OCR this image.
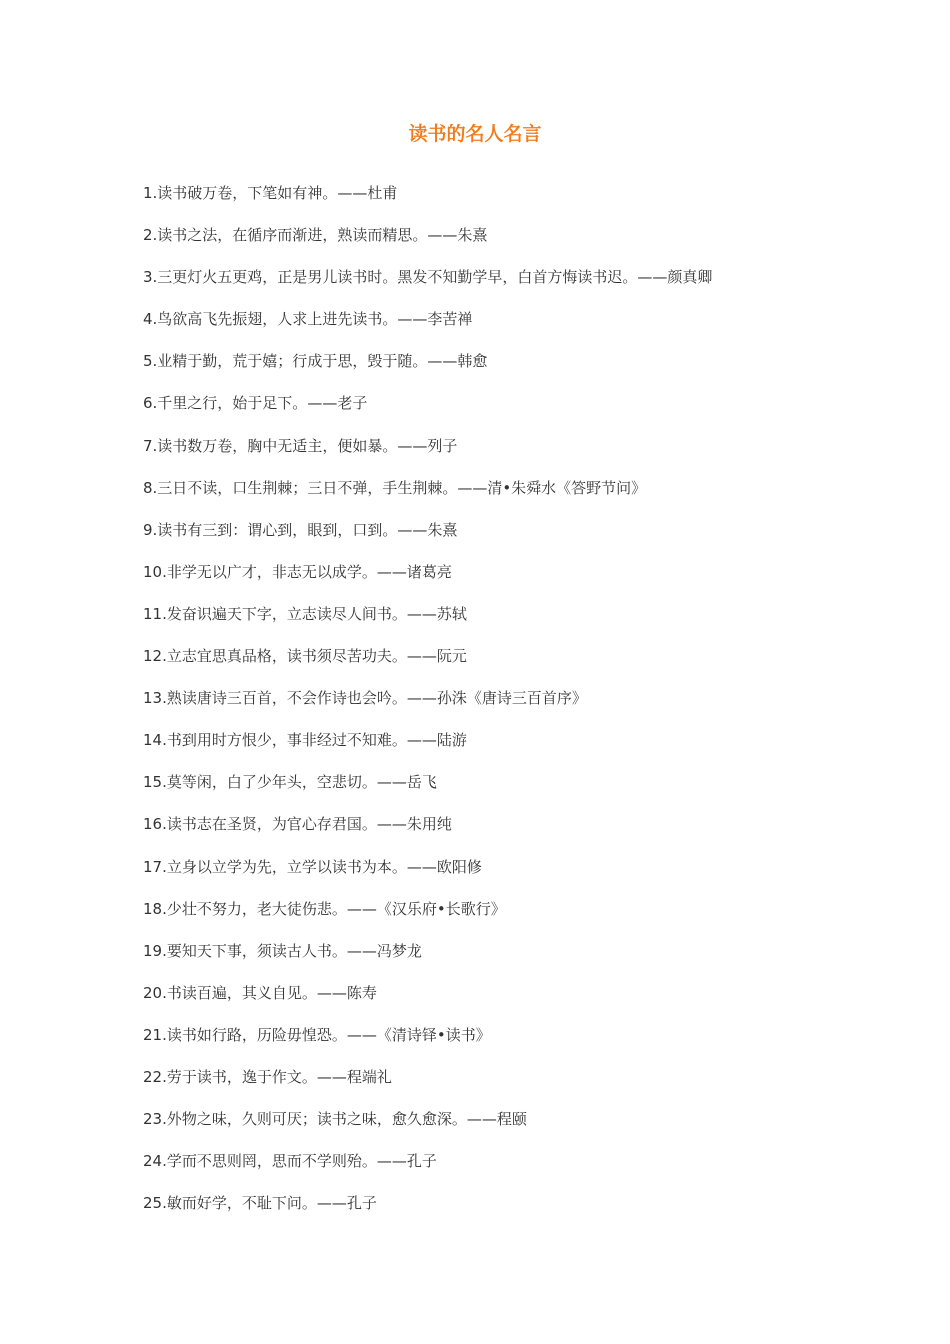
读书的名人名言
1.读书破万卷，下笔如有神。——杜甫
2.读书之法，在循序而渐进，熟读而精思。——朱熹
3.三更灯火五更鸡，正是男儿读书时。黑发不知勤学早，白首方悔读书迟。——颜真卿
4.鸟欲高飞先振翅，人求上进先读书。——李苦禅
5.业精于勤，荒于嬉；行成于思，毁于随。——韩愈
6.千里之行，始于足下。——老子
7.读书数万卷，胸中无适主，便如暴。——列子
8.三日不读，口生荆棘；三日不弹，手生荆棘。——清•朱舜水《答野节问》
9.读书有三到：谓心到，眼到，口到。——朱熹
10.非学无以广才，非志无以成学。——诸葛亮
11.发奋识遍天下字，立志读尽人间书。——苏轼
12.立志宜思真品格，读书须尽苦功夫。——阮元
13.熟读唐诗三百首，不会作诗也会吟。——孙洙《唐诗三百首序》
14.书到用时方恨少，事非经过不知难。——陆游
15.莫等闲，白了少年头，空悲切。——岳飞
16.读书志在圣贤，为官心存君国。——朱用纯
17.立身以立学为先，立学以读书为本。——欧阳修
18.少壮不努力，老大徒伤悲。——《汉乐府•长歌行》
19.要知天下事，须读古人书。——冯梦龙
20.书读百遍，其义自见。——陈寿
21.读书如行路，历险毋惶恐。——《清诗铎•读书》
22.劳于读书，逸于作文。——程端礼
23.外物之味，久则可厌；读书之味，愈久愈深。——程颐
24.学而不思则罔，思而不学则殆。——孔子
25.敏而好学，不耻下问。——孔子
